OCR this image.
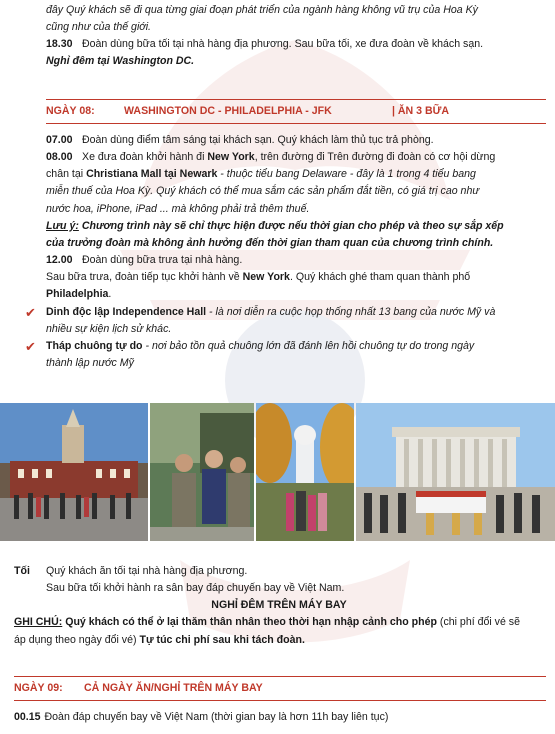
đây Quý khách sẽ đi qua từng giai đoạn phát triển của ngành hàng không vũ trụ của Hoa Kỳ

cũng như của thế giới.

18.30 Đoàn dùng bữa tối tại nhà hàng địa phương. Sau bữa tối, xe đưa đoàn về khách sạn.

Nghỉ đêm tại Washington DC.

NGÀY 08:	WASHINGTON DC - PHILADELPHIA - JFK	| ĂN 3 BỮA

07.00 Đoàn dùng điểm tâm sáng tại khách sạn. Quý khách làm thủ tục trả phòng.

08.00 Xe đưa đoàn khởi hành đi New York, trên đường đi Trên đường đi đoàn có cơ hội dừng

chân tại Christiana Mall tại Newark - thuộc tiểu bang Delaware - đây là 1 trong 4 tiểu bang

miễn thuế của Hoa Kỳ. Quý khách có thể mua sắm các sản phẩm đắt tiền, có giá trị cao như

nước hoa, iPhone, iPad ... mà không phải trả thêm thuế.

Lưu ý: Chương trình này sẽ chỉ thực hiện được nếu thời gian cho phép và theo sự sắp xếp

của trưởng đoàn mà không ảnh hưởng đến thời gian tham quan của chương trình chính.

12.00 Đoàn dùng bữa trưa tại nhà hàng.

Sau bữa trưa, đoàn tiếp tục khởi hành về New York. Quý khách ghé tham quan thành phố

Philadelphia.

✔ Dinh độc lập Independence Hall - là nơi diễn ra cuộc họp thống nhất 13 bang của nước Mỹ và

nhiều sự kiện lịch sử khác.

✔ Tháp chuông tự do - nơi bảo tồn quả chuông lớn đã đánh lên hồi chuông tự do trong ngày

thành lập nước Mỹ

Tối Quý khách ăn tối tại nhà hàng địa phương.

Sau bữa tối khởi hành ra sân bay đáp chuyến bay về Việt Nam.

NGHỈ ĐÊM TRÊN MÁY BAY

GHI CHÚ: Quý khách có thể ở lại thăm thân nhân theo thời hạn nhập cảnh cho phép (chi phí đổi vé sẽ

áp dụng theo ngày đổi vé) Tự túc chi phí sau khi tách đoàn.

NGÀY 09: CẢ NGÀY ĂN/NGHỈ TRÊN MÁY BAY

00.15 Đoàn đáp chuyến bay về Việt Nam (thời gian bay là hơn 11h bay liên tục)
